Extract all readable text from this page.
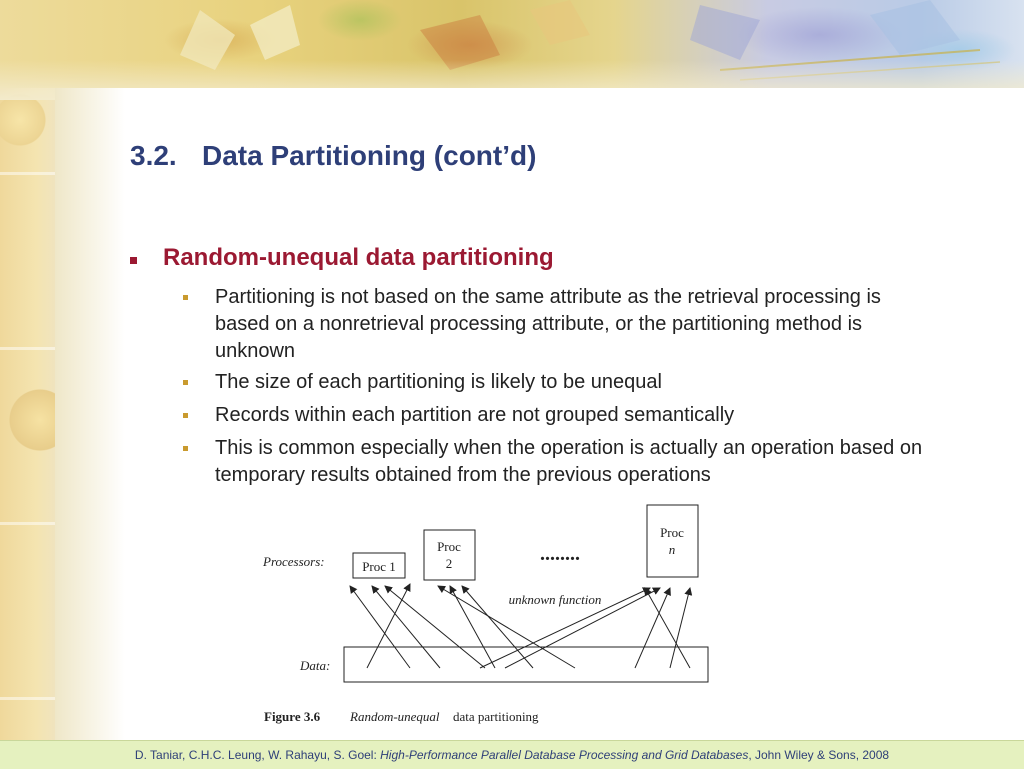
3.2. Data Partitioning (cont’d)
Random-unequal data partitioning
Partitioning is not based on the same attribute as the retrieval processing is based on a nonretrieval processing attribute, or the partitioning method is unknown
The size of each partitioning is likely to be unequal
Records within each partition are not grouped semantically
This is common especially when the operation is actually an operation based on temporary results obtained from the previous operations
Processors:	Proc 1
Proc
2	........
Proc
n
unknown function
Data:
Figure 3.6 Random-unequal data partitioning
D. Taniar, C.H.C. Leung, W. Rahayu, S. Goel: High-Performance Parallel Database Processing and Grid Databases, John Wiley & Sons, 2008
